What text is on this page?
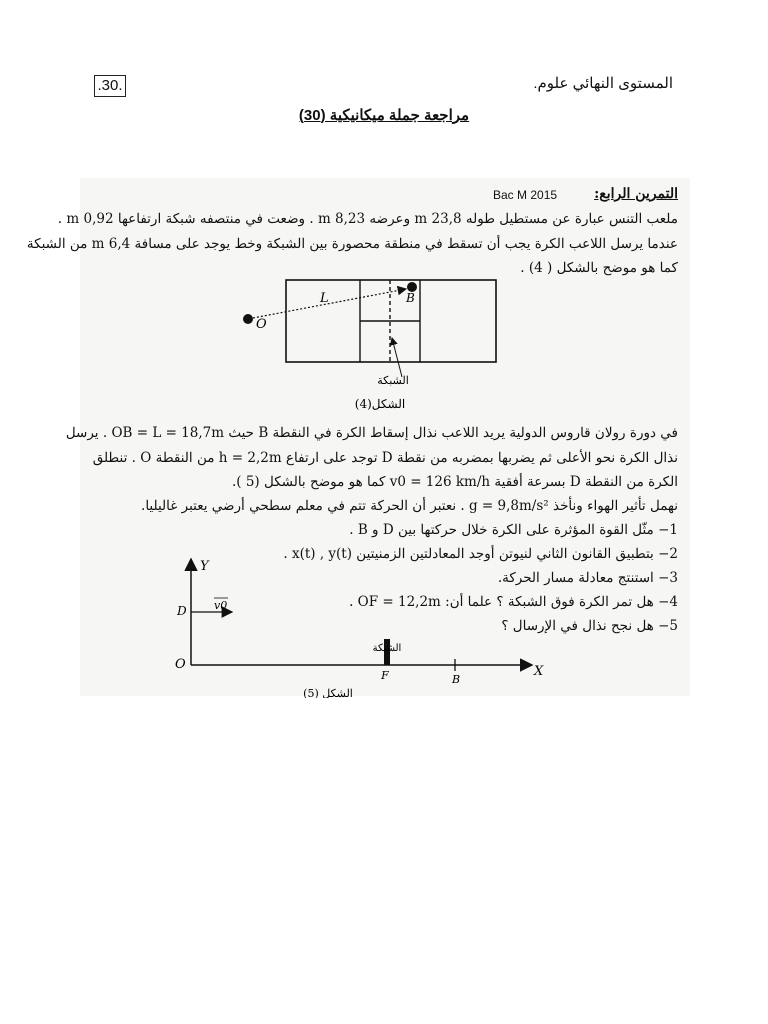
.30.	المستوى النهائي علوم.
مراجعة جملة ميكانيكية (30)
التمرين الرابع:
Bac M 2015
ملعب التنس عبارة عن مستطيل طوله 23,8 m وعرضه 8,23 m . وضعت في منتصفه شبكة ارتفاعها 0,92 m .
عندما يرسل اللاعب الكرة يجب أن تسقط في منطقة محصورة بين الشبكة وخط يوجد على مسافة 6,4 m من الشبكة
كما هو موضح بالشكل ( 4) .
O
L	B
الشبكة
الشكل(4)
في دورة رولان قاروس الدولية يريد اللاعب نذال إسقاط الكرة في النقطة B حيث OB = L = 18,7m . يرسل
نذال الكرة نحو الأعلى ثم يضربها بمضربه من نقطة D توجد على ارتفاع h = 2,2m من النقطة O . تنطلق
الكرة من النقطة D بسرعة أفقية v0 = 126 km/h كما هو موضح بالشكل (5 ).
نهمل تأثير الهواء ونأخذ g = 9,8m/s² . نعتبر أن الحركة تتم في معلم سطحي أرضي يعتبر غاليليا.
1− مثّل القوة المؤثرة على الكرة خلال حركتها بين D و B .
2− بتطبيق القانون الثاني لنيوتن أوجد المعادلتين الزمنيتين x(t) , y(t) .
3− استنتج معادلة مسار الحركة.
4− هل تمر الكرة فوق الشبكة ؟ علما أن: OF = 12,2m .
5− هل نجح نذال في الإرسال ؟
Y
X
O
D v0
الشبكة
F	B
الشكل (5)
